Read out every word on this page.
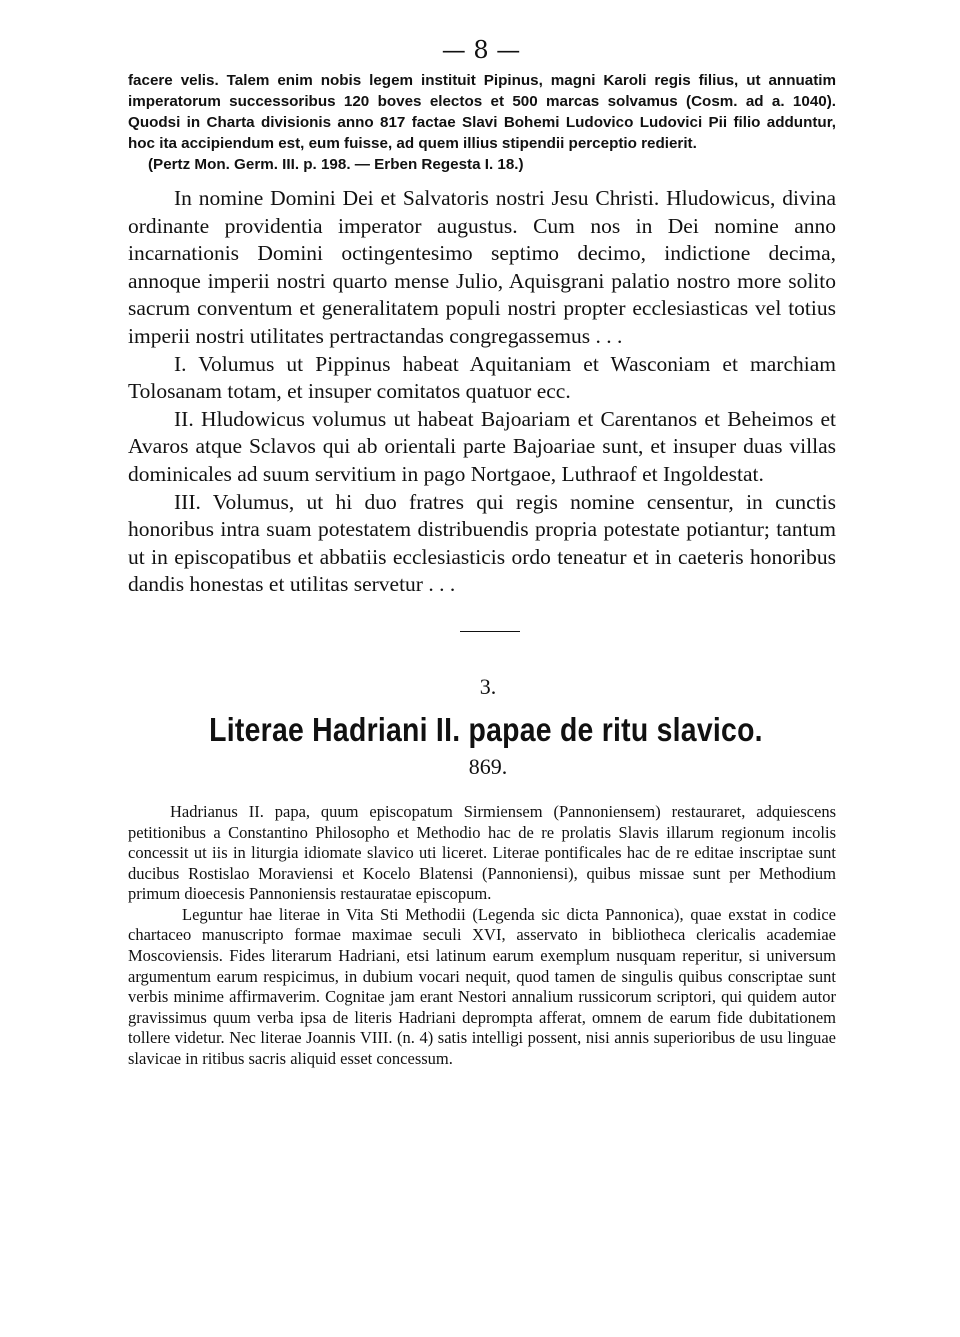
— 8 —

facere velis. Talem enim nobis legem instituit Pipinus, magni Karoli regis filius, ut annuatim imperatorum successoribus 120 boves electos et 500 marcas solvamus (Cosm. ad a. 1040). Quodsi in Charta divisionis anno 817 factae Slavi Bohemi Ludovico Ludovici Pii filio adduntur, hoc ita accipiendum est, eum fuisse, ad quem illius stipendii perceptio redierit.

(Pertz Mon. Germ. III. p. 198. — Erben Regesta I. 18.)

In nomine Domini Dei et Salvatoris nostri Jesu Christi. Hludowicus, divina ordinante providentia imperator augustus. Cum nos in Dei nomine anno incarnationis Domini octingentesimo septimo decimo, indictione decima, annoque imperii nostri quarto mense Julio, Aquisgrani palatio nostro more solito sacrum conventum et generalitatem populi nostri propter ecclesiasticas vel totius imperii nostri utilitates pertractandas congregassemus . . .

I. Volumus ut Pippinus habeat Aquitaniam et Wasconiam et marchiam Tolosanam totam, et insuper comitatos quatuor ecc.

II. Hludowicus volumus ut habeat Bajoariam et Carentanos et Beheimos et Avaros atque Sclavos qui ab orientali parte Bajoariae sunt, et insuper duas villas dominicales ad suum servitium in pago Nortgaoe, Luthraof et Ingoldestat.

III. Volumus, ut hi duo fratres qui regis nomine censentur, in cunctis honoribus intra suam potestatem distribuendis propria potestate potiantur; tantum ut in episcopatibus et abbatiis ecclesiasticis ordo teneatur et in caeteris honoribus dandis honestas et utilitas servetur . . .

3.
Literae Hadriani II. papae de ritu slavico.
869.

Hadrianus II. papa, quum episcopatum Sirmiensem (Pannoniensem) restauraret, adquiescens petitionibus a Constantino Philosopho et Methodio hac de re prolatis Slavis illarum regionum incolis concessit ut iis in liturgia idiomate slavico uti liceret. Literae pontificales hac de re editae inscriptae sunt ducibus Rostislao Moraviensi et Kocelo Blatensi (Pannoniensi), quibus missae sunt per Methodium primum dioecesis Pannoniensis restauratae episcopum.

Leguntur hae literae in Vita Sti Methodii (Legenda sic dicta Pannonica), quae exstat in codice chartaceo manuscripto formae maximae seculi XVI, asservato in bibliotheca clericalis academiae Moscoviensis. Fides literarum Hadriani, etsi latinum earum exemplum nusquam reperitur, si universum argumentum earum respicimus, in dubium vocari nequit, quod tamen de singulis quibus conscriptae sunt verbis minime affirmaverim. Cognitae jam erant Nestori annalium russicorum scriptori, qui quidem autor gravissimus quum verba ipsa de literis Hadriani deprompta afferat, omnem de earum fide dubitationem tollere videtur. Nec literae Joannis VIII. (n. 4) satis intelligi possent, nisi annis superioribus de usu linguae slavicae in ritibus sacris aliquid esset concessum.
